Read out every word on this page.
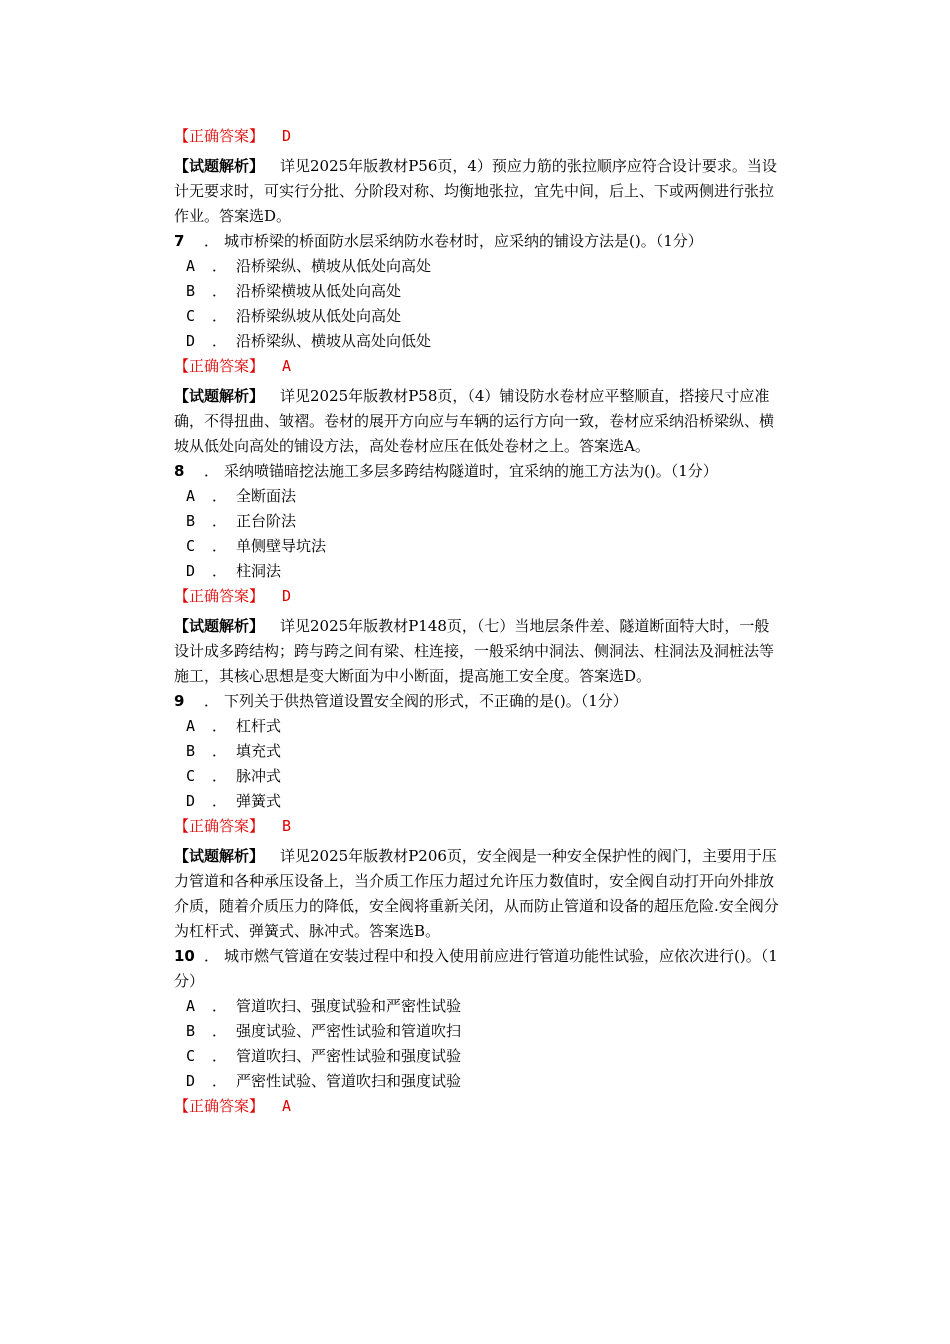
【正确答案】 D

【试题解析】 详见2025年版教材P56页，4）预应力筋的张拉顺序应符合设计要求。当设计无要求时，可实行分批、分阶段对称、均衡地张拉，宜先中间，后上、下或两侧进行张拉作业。答案选D。

7 ． 城市桥梁的桥面防水层采纳防水卷材时，应采纳的铺设方法是()。（1分）

A ． 沿桥梁纵、横坡从低处向高处

B ． 沿桥梁横坡从低处向高处

C ． 沿桥梁纵坡从低处向高处

D ． 沿桥梁纵、横坡从高处向低处

【正确答案】 A

【试题解析】 详见2025年版教材P58页，（4）铺设防水卷材应平整顺直，搭接尺寸应准确，不得扭曲、皱褶。卷材的展开方向应与车辆的运行方向一致，卷材应采纳沿桥梁纵、横坡从低处向高处的铺设方法，高处卷材应压在低处卷材之上。答案选A。

8 ． 采纳喷锚暗挖法施工多层多跨结构隧道时，宜采纳的施工方法为()。（1分）

A ． 全断面法

B ． 正台阶法

C ． 单侧壁导坑法

D ． 柱洞法

【正确答案】 D

【试题解析】 详见2025年版教材P148页，（七）当地层条件差、隧道断面特大时，一般设计成多跨结构；跨与跨之间有梁、柱连接，一般采纳中洞法、侧洞法、柱洞法及洞桩法等施工，其核心思想是变大断面为中小断面，提高施工安全度。答案选D。

9 ． 下列关于供热管道设置安全阀的形式，不正确的是()。（1分）

A ． 杠杆式

B ． 填充式

C ． 脉冲式

D ． 弹簧式

【正确答案】 B

【试题解析】 详见2025年版教材P206页，安全阀是一种安全保护性的阀门，主要用于压力管道和各种承压设备上，当介质工作压力超过允许压力数值时，安全阀自动打开向外排放介质，随着介质压力的降低，安全阀将重新关闭，从而防止管道和设备的超压危险.安全阀分为杠杆式、弹簧式、脉冲式。答案选B。

10 ． 城市燃气管道在安装过程中和投入使用前应进行管道功能性试验，应依次进行()。（1分）

A ． 管道吹扫、强度试验和严密性试验

B ． 强度试验、严密性试验和管道吹扫

C ． 管道吹扫、严密性试验和强度试验

D ． 严密性试验、管道吹扫和强度试验

【正确答案】 A
